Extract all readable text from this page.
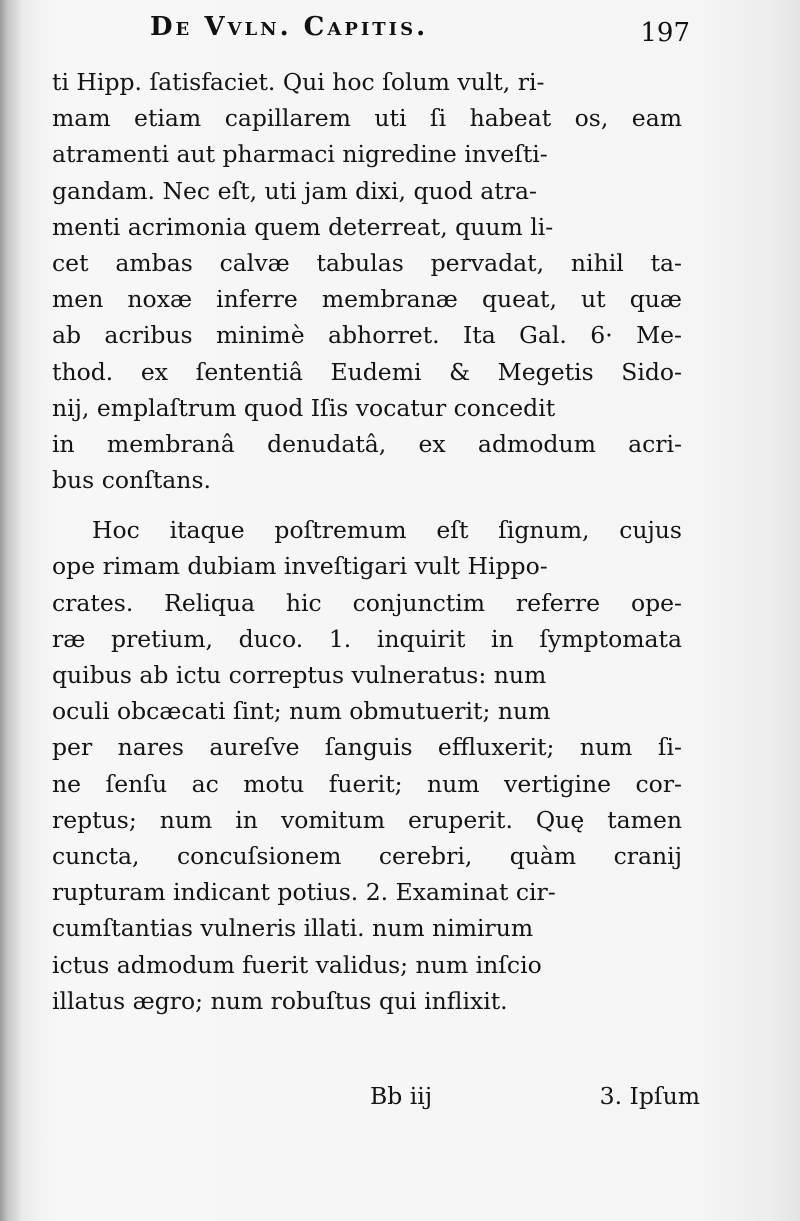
De Vvln. Capitis.	197
ti Hipp. ſatisfaciet. Qui hoc ſolum vult, ri-
mam etiam capillarem uti ſi habeat os, eam
atramenti aut pharmaci nigredine inveſti-
gandam. Nec eſt, uti jam dixi, quod atra-
menti acrimonia quem deterreat, quum li-
cet ambas calvæ tabulas pervadat, nihil ta-
men noxæ inferre membranæ queat, ut quæ
ab acribus minimè abhorret. Ita Gal. 6· Me-
thod. ex ſententiâ Eudemi & Megetis Sido-
nij, emplaſtrum quod Iſis vocatur concedit
in membranâ denudatâ, ex admodum acri-
bus conſtans.
Hoc itaque poſtremum eſt ſignum, cujus
ope rimam dubiam inveſtigari vult Hippo-
crates. Reliqua hic conjunctim referre ope-
ræ pretium, duco. 1. inquirit in ſymptomata
quibus ab ictu correptus vulneratus: num
oculi obcæcati ſint; num obmutuerit; num
per nares aureſve ſanguis effluxerit; num ſi-
ne ſenſu ac motu fuerit; num vertigine cor-
reptus; num in vomitum eruperit. Quę tamen
cuncta, concuſsionem cerebri, quàm cranij
rupturam indicant potius. 2. Examinat cir-
cumſtantias vulneris illati. num nimirum
ictus admodum fuerit validus; num inſcio
illatus ægro; num robuſtus qui inflixit.
Bb iij	3. Ipſum
